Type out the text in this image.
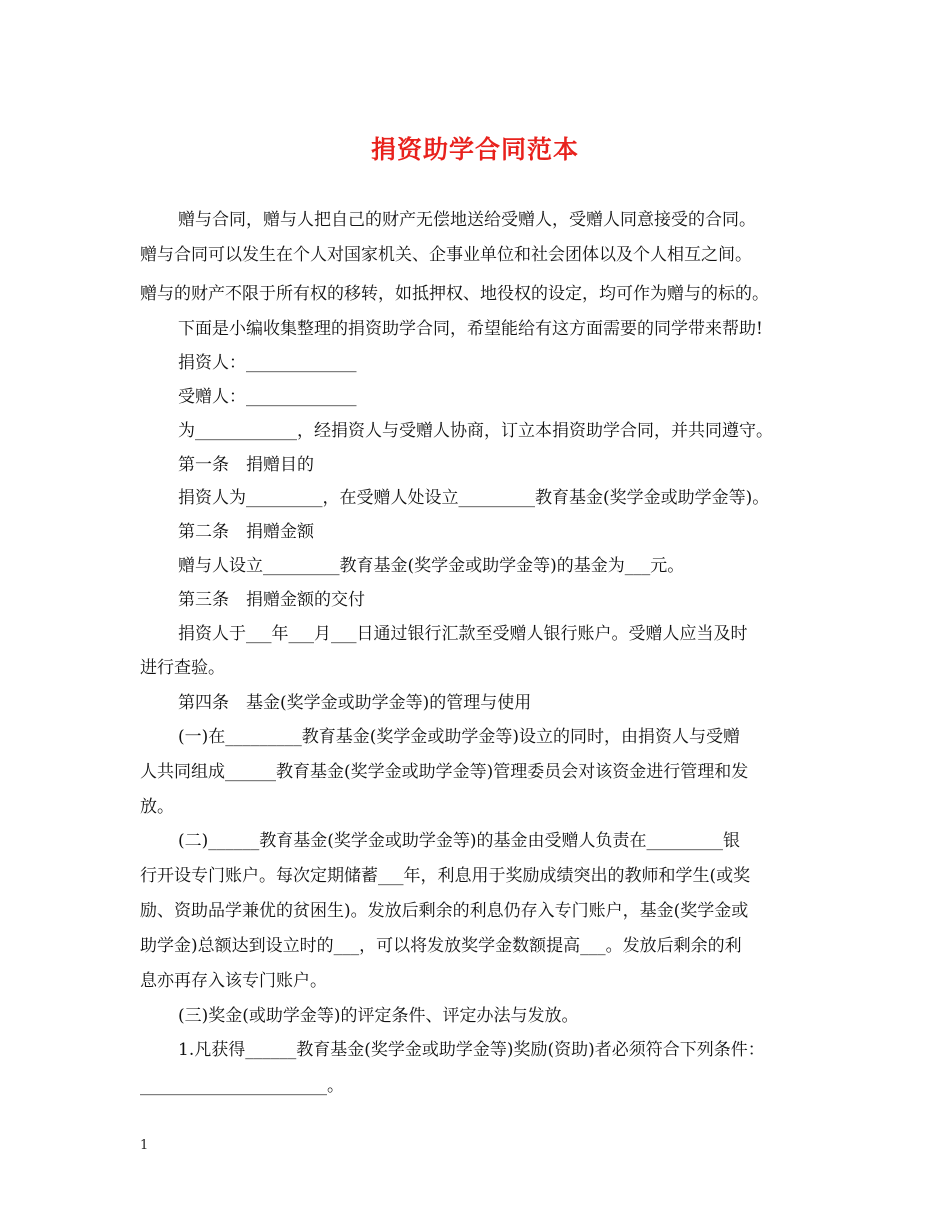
捐资助学合同范本
赠与合同，赠与人把自己的财产无偿地送给受赠人，受赠人同意接受的合同。
赠与合同可以发生在个人对国家机关、企事业单位和社会团体以及个人相互之间。
赠与的财产不限于所有权的移转，如抵押权、地役权的设定，均可作为赠与的标的。
下面是小编收集整理的捐资助学合同，希望能给有这方面需要的同学带来帮助!
捐资人：_____________
受赠人：_____________
为____________，经捐资人与受赠人协商，订立本捐资助学合同，并共同遵守。
第一条　捐赠目的
捐资人为_________，在受赠人处设立_________教育基金(奖学金或助学金等)。
第二条　捐赠金额
赠与人设立_________教育基金(奖学金或助学金等)的基金为___元。
第三条　捐赠金额的交付
捐资人于___年___月___日通过银行汇款至受赠人银行账户。受赠人应当及时
进行查验。
第四条　基金(奖学金或助学金等)的管理与使用
(一)在_________教育基金(奖学金或助学金等)设立的同时，由捐资人与受赠
人共同组成______教育基金(奖学金或助学金等)管理委员会对该资金进行管理和发
放。
(二)______教育基金(奖学金或助学金等)的基金由受赠人负责在_________银
行开设专门账户。每次定期储蓄___年，利息用于奖励成绩突出的教师和学生(或奖
励、资助品学兼优的贫困生)。发放后剩余的利息仍存入专门账户，基金(奖学金或
助学金)总额达到设立时的___，可以将发放奖学金数额提高___。发放后剩余的利
息亦再存入该专门账户。
(三)奖金(或助学金等)的评定条件、评定办法与发放。
1.凡获得______教育基金(奖学金或助学金等)奖励(资助)者必须符合下列条件：
______________________。
1
